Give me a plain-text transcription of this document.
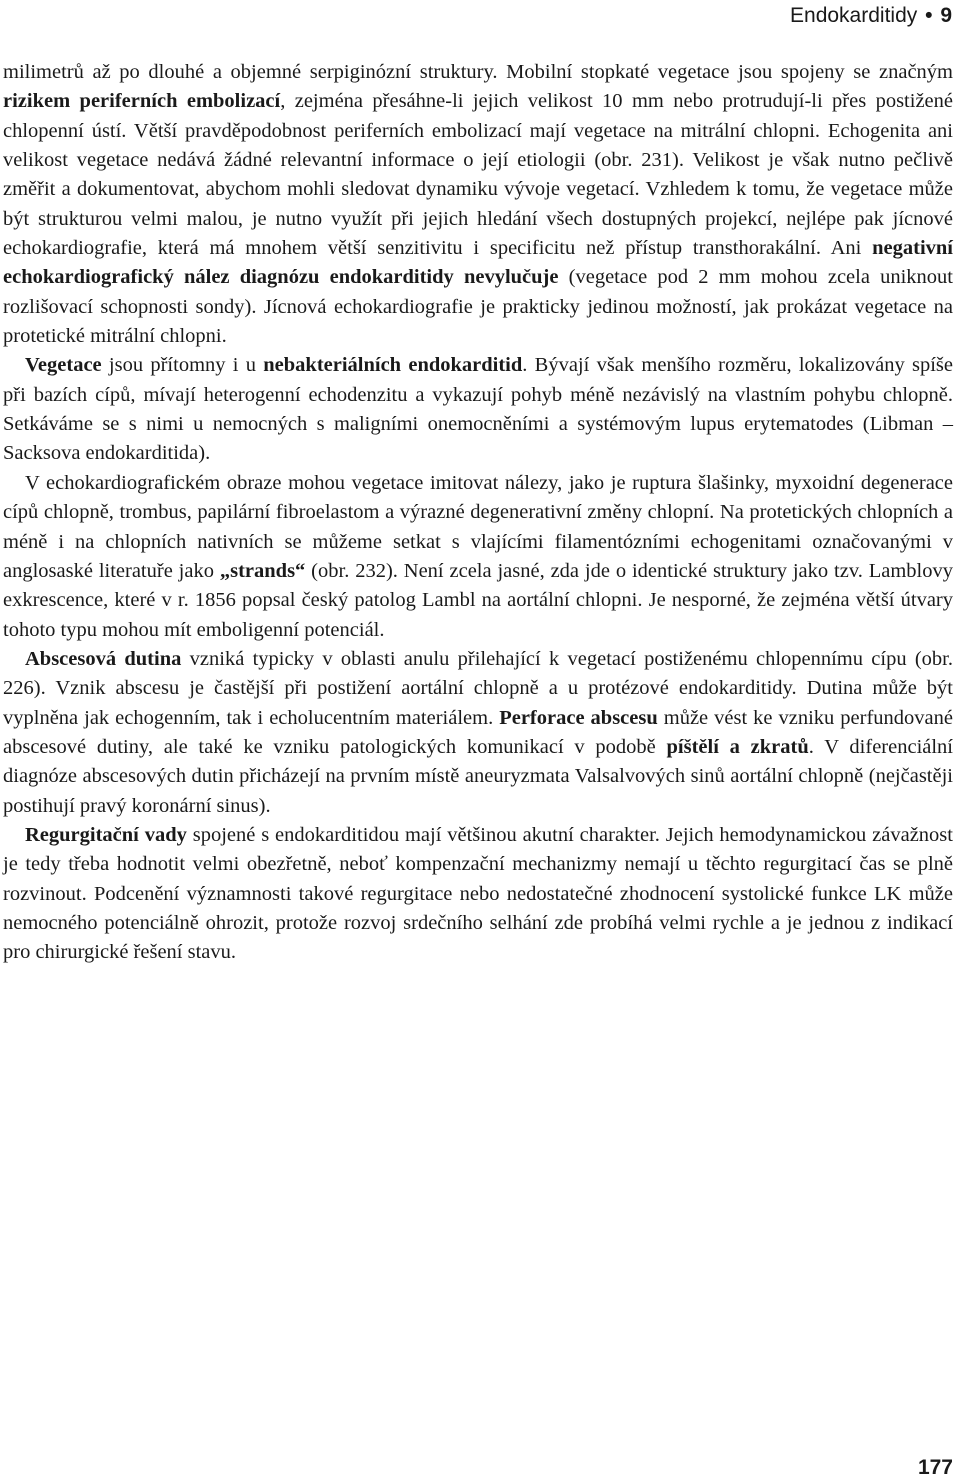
Endokarditidy • 9

milimetrů až po dlouhé a objemné serpiginózní struktury. Mobilní stopkaté vegetace jsou spojeny se značným rizikem periferních embolizací, zejména přesáhne-li jejich velikost 10 mm nebo protrudují-li přes postižené chlopenní ústí. Větší pravděpodobnost periferních embolizací mají vegetace na mitrální chlopni. Echogenita ani velikost vegetace nedává žádné relevantní informace o její etiologii (obr. 231). Velikost je však nutno pečlivě změřit a dokumentovat, abychom mohli sledovat dynamiku vývoje vegetací. Vzhledem k tomu, že vegetace může být strukturou velmi malou, je nutno využít při jejich hledání všech dostupných projekcí, nejlépe pak jícnové echokardiografie, která má mnohem větší senzitivitu i specificitu než přístup transthorakální. Ani negativní echokardiografický nález diagnózu endokarditidy nevylučuje (vegetace pod 2 mm mohou zcela uniknout rozlišovací schopnosti sondy). Jícnová echokardiografie je prakticky jedinou možností, jak prokázat vegetace na protetické mitrální chlopni.

Vegetace jsou přítomny i u nebakteriálních endokarditid. Bývají však menšího rozměru, lokalizovány spíše při bazích cípů, mívají heterogenní echodenzitu a vykazují pohyb méně nezávislý na vlastním pohybu chlopně. Setkáváme se s nimi u nemocných s maligními onemocněními a systémovým lupus erytematodes (Libman – Sacksova endokarditida).

V echokardiografickém obraze mohou vegetace imitovat nálezy, jako je ruptura šlašinky, myxoidní degenerace cípů chlopně, trombus, papilární fibroelastom a výrazné degenerativní změny chlopní. Na protetických chlopních a méně i na chlopních nativních se můžeme setkat s vlajícími filamentózními echogenitami označovanými v anglosaské literatuře jako „strands“ (obr. 232). Není zcela jasné, zda jde o identické struktury jako tzv. Lamblovy exkrescence, které v r. 1856 popsal český patolog Lambl na aortální chlopni. Je nesporné, že zejména větší útvary tohoto typu mohou mít emboligenní potenciál.

Abscesová dutina vzniká typicky v oblasti anulu přilehající k vegetací postiženému chlopennímu cípu (obr. 226). Vznik abscesu je častější při postižení aortální chlopně a u protézové endokarditidy. Dutina může být vyplněna jak echogenním, tak i echolucentním materiálem. Perforace abscesu může vést ke vzniku perfundované abscesové dutiny, ale také ke vzniku patologických komunikací v podobě píštělí a zkratů. V diferenciální diagnóze abscesových dutin přicházejí na prvním místě aneuryzmata Valsalvových sinů aortální chlopně (nejčastěji postihují pravý koronární sinus).

Regurgitační vady spojené s endokarditidou mají většinou akutní charakter. Jejich hemodynamickou závažnost je tedy třeba hodnotit velmi obezřetně, neboť kompenzační mechanizmy nemají u těchto regurgitací čas se plně rozvinout. Podcenění významnosti takové regurgitace nebo nedostatečné zhodnocení systolické funkce LK může nemocného potenciálně ohrozit, protože rozvoj srdečního selhání zde probíhá velmi rychle a je jednou z indikací pro chirurgické řešení stavu.

177
